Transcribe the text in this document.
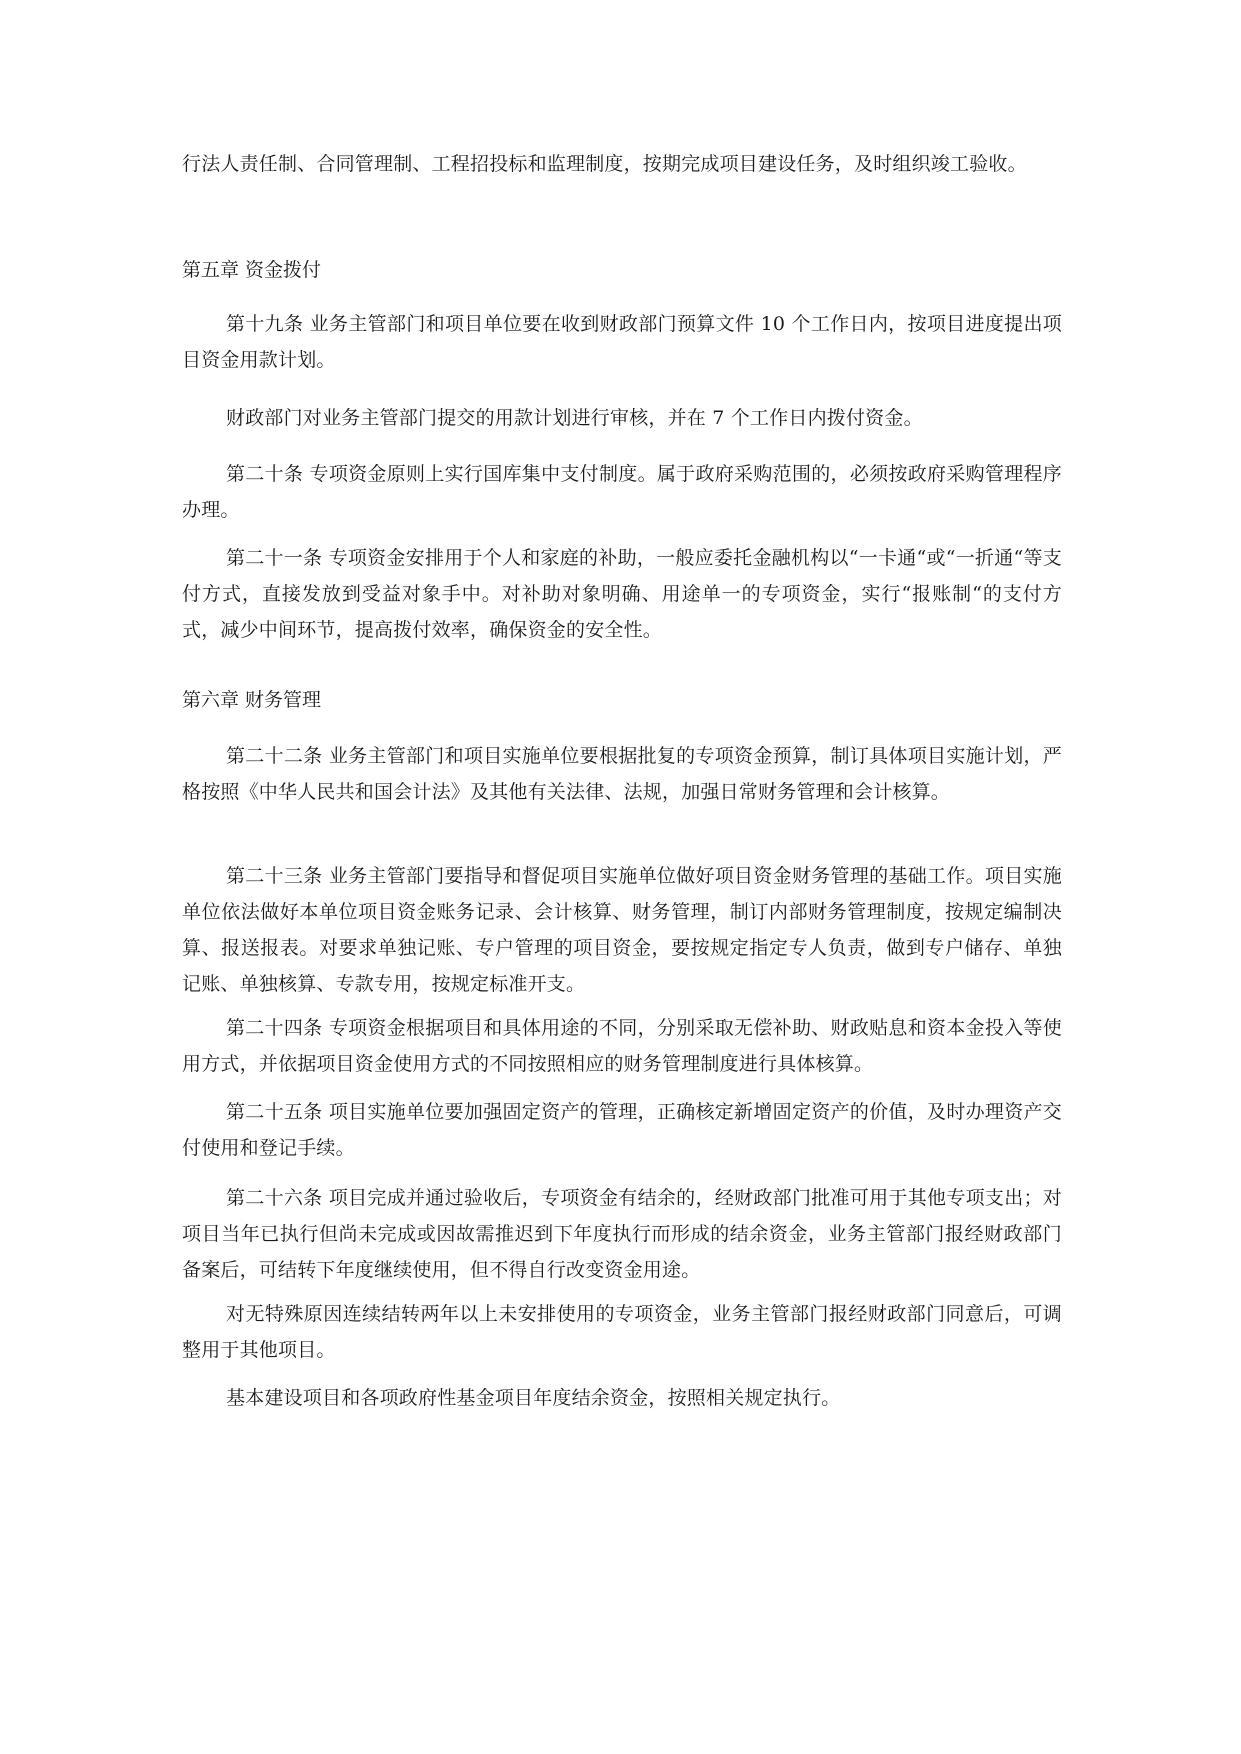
行法人责任制、合同管理制、工程招投标和监理制度，按期完成项目建设任务，及时组织竣工验收。

第五章 资金拨付

第十九条 业务主管部门和项目单位要在收到财政部门预算文件 10 个工作日内，按项目进度提出项目资金用款计划。

财政部门对业务主管部门提交的用款计划进行审核，并在 7 个工作日内拨付资金。

第二十条 专项资金原则上实行国库集中支付制度。属于政府采购范围的，必须按政府采购管理程序办理。

第二十一条 专项资金安排用于个人和家庭的补助，一般应委托金融机构以“一卡通“或“一折通“等支付方式，直接发放到受益对象手中。对补助对象明确、用途单一的专项资金，实行“报账制“的支付方式，减少中间环节，提高拨付效率，确保资金的安全性。

第六章 财务管理

第二十二条 业务主管部门和项目实施单位要根据批复的专项资金预算，制订具体项目实施计划，严格按照《中华人民共和国会计法》及其他有关法律、法规，加强日常财务管理和会计核算。

第二十三条 业务主管部门要指导和督促项目实施单位做好项目资金财务管理的基础工作。项目实施单位依法做好本单位项目资金账务记录、会计核算、财务管理，制订内部财务管理制度，按规定编制决算、报送报表。对要求单独记账、专户管理的项目资金，要按规定指定专人负责，做到专户储存、单独记账、单独核算、专款专用，按规定标准开支。

第二十四条 专项资金根据项目和具体用途的不同，分别采取无偿补助、财政贴息和资本金投入等使用方式，并依据项目资金使用方式的不同按照相应的财务管理制度进行具体核算。

第二十五条 项目实施单位要加强固定资产的管理，正确核定新增固定资产的价值，及时办理资产交付使用和登记手续。

第二十六条 项目完成并通过验收后，专项资金有结余的，经财政部门批准可用于其他专项支出；对项目当年已执行但尚未完成或因故需推迟到下年度执行而形成的结余资金，业务主管部门报经财政部门备案后，可结转下年度继续使用，但不得自行改变资金用途。

对无特殊原因连续结转两年以上未安排使用的专项资金，业务主管部门报经财政部门同意后，可调整用于其他项目。

基本建设项目和各项政府性基金项目年度结余资金，按照相关规定执行。
